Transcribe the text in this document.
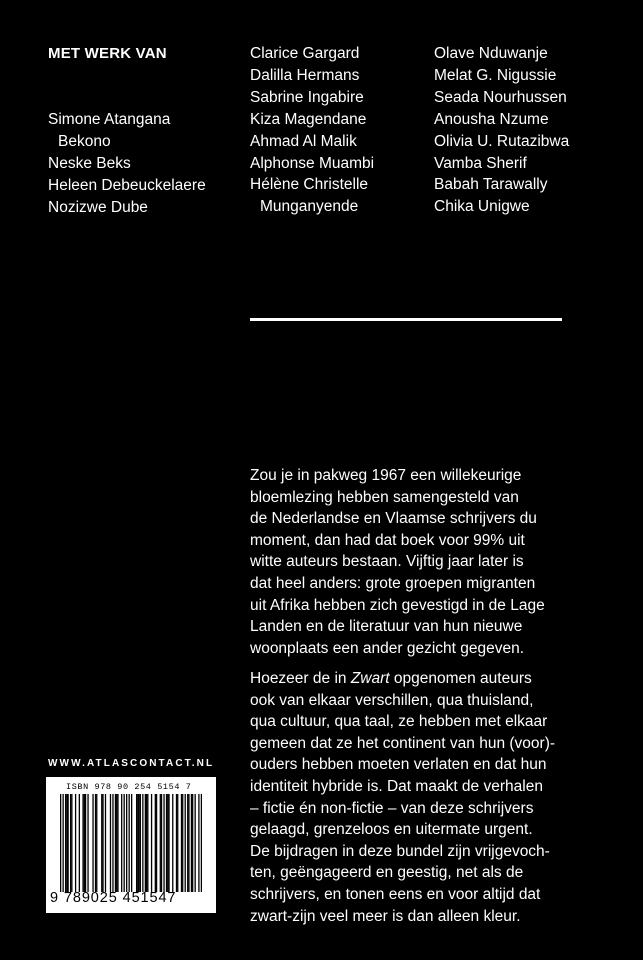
MET WERK VAN
Simone Atangana
Bekono
Neske Beks
Heleen Debeuckelaere
Nozizwe Dube
Clarice Gargard
Dalilla Hermans
Sabrine Ingabire
Kiza Magendane
Ahmad Al Malik
Alphonse Muambi
Hélène Christelle
Munganyende
Olave Nduwanje
Melat G. Nigussie
Seada Nourhussen
Anousha Nzume
Olivia U. Rutazibwa
Vamba Sherif
Babah Tarawally
Chika Unigwe

Zou je in pakweg 1967 een willekeurige

bloemlezing hebben samengesteld van

de Nederlandse en Vlaamse schrijvers du

moment, dan had dat boek voor 99% uit

witte auteurs bestaan. Vijftig jaar later is

dat heel anders: grote groepen migranten

uit Afrika hebben zich gevestigd in de Lage

Landen en de literatuur van hun nieuwe

woonplaats een ander gezicht gegeven.

Hoezeer de in Zwart opgenomen auteurs

ook van elkaar verschillen, qua thuisland,

qua cultuur, qua taal, ze hebben met elkaar

gemeen dat ze het continent van hun (voor)-

ouders hebben moeten verlaten en dat hun

identiteit hybride is. Dat maakt de verhalen

– fictie én non-fictie – van deze schrijvers

gelaagd, grenzeloos en uitermate urgent.

De bijdragen in deze bundel zijn vrijgevoch-

ten, geëngageerd en geestig, net als de

schrijvers, en tonen eens en voor altijd dat

zwart-zijn veel meer is dan alleen kleur.

WWW.ATLASCONTACT.NL
ISBN 978 90 254 5154 7
9 789025 451547
